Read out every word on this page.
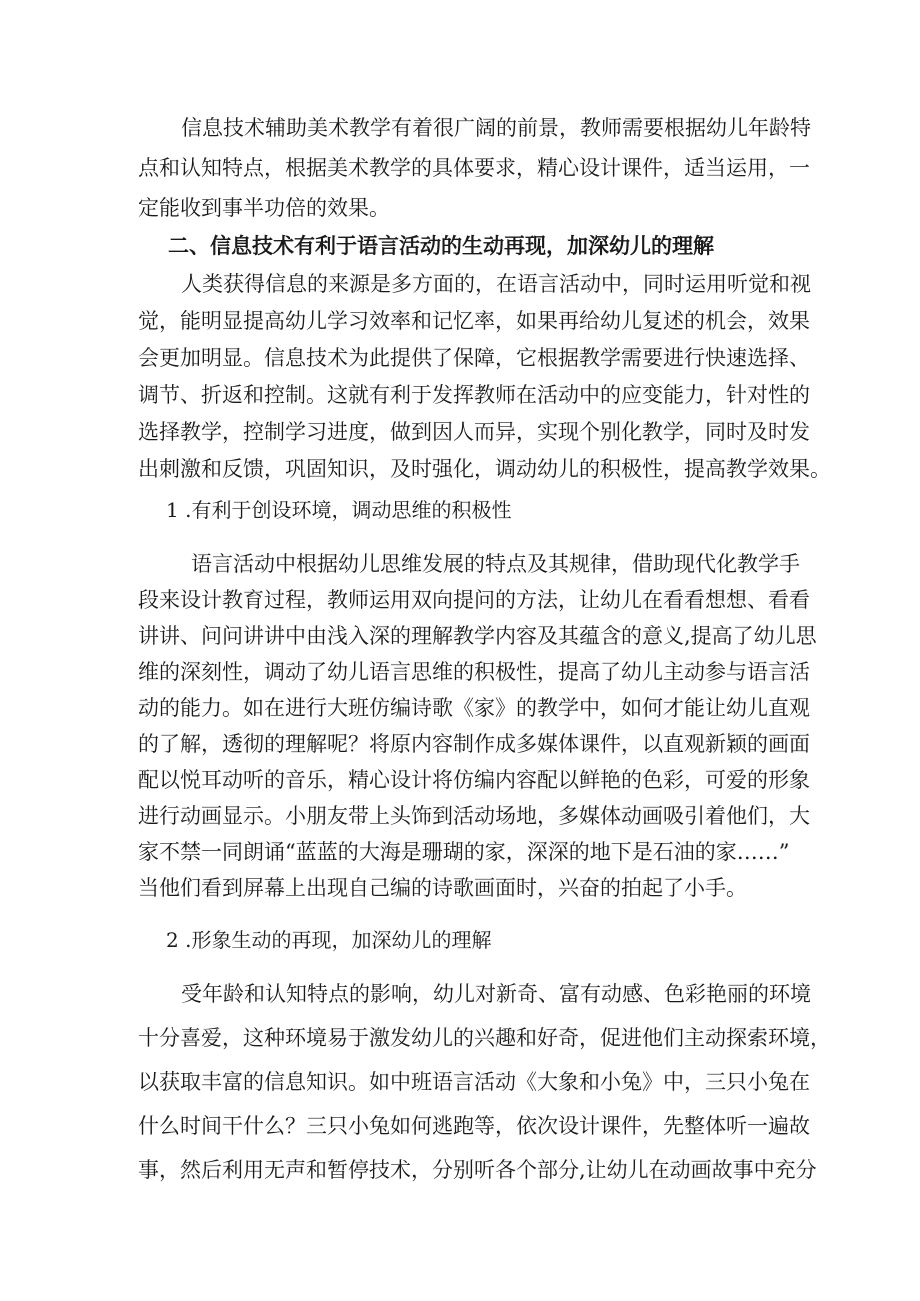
信息技术辅助美术教学有着很广阔的前景，教师需要根据幼儿年龄特
点和认知特点，根据美术教学的具体要求，精心设计课件，适当运用，一
定能收到事半功倍的效果。
二、信息技术有利于语言活动的生动再现，加深幼儿的理解
人类获得信息的来源是多方面的，在语言活动中，同时运用听觉和视
觉，能明显提高幼儿学习效率和记忆率，如果再给幼儿复述的机会，效果
会更加明显。信息技术为此提供了保障，它根据教学需要进行快速选择、
调节、折返和控制。这就有利于发挥教师在活动中的应变能力，针对性的
选择教学，控制学习进度，做到因人而异，实现个别化教学，同时及时发
出刺激和反馈，巩固知识，及时强化，调动幼儿的积极性，提高教学效果。
1 .有利于创设环境，调动思维的积极性
语言活动中根据幼儿思维发展的特点及其规律，借助现代化教学手
段来设计教育过程，教师运用双向提问的方法，让幼儿在看看想想、看看
讲讲、问问讲讲中由浅入深的理解教学内容及其蕴含的意义,提高了幼儿思
维的深刻性，调动了幼儿语言思维的积极性，提高了幼儿主动参与语言活
动的能力。如在进行大班仿编诗歌《家》的教学中，如何才能让幼儿直观
的了解，透彻的理解呢？将原内容制作成多媒体课件，以直观新颖的画面
配以悦耳动听的音乐，精心设计将仿编内容配以鲜艳的色彩，可爱的形象
进行动画显示。小朋友带上头饰到活动场地，多媒体动画吸引着他们，大
家不禁一同朗诵“蓝蓝的大海是珊瑚的家，深深的地下是石油的家……”
当他们看到屏幕上出现自己编的诗歌画面时，兴奋的拍起了小手。
2 .形象生动的再现，加深幼儿的理解
受年龄和认知特点的影响，幼儿对新奇、富有动感、色彩艳丽的环境
十分喜爱，这种环境易于激发幼儿的兴趣和好奇，促进他们主动探索环境，
以获取丰富的信息知识。如中班语言活动《大象和小兔》中，三只小兔在
什么时间干什么？三只小兔如何逃跑等，依次设计课件，先整体听一遍故
事，然后利用无声和暂停技术，分别听各个部分,让幼儿在动画故事中充分
